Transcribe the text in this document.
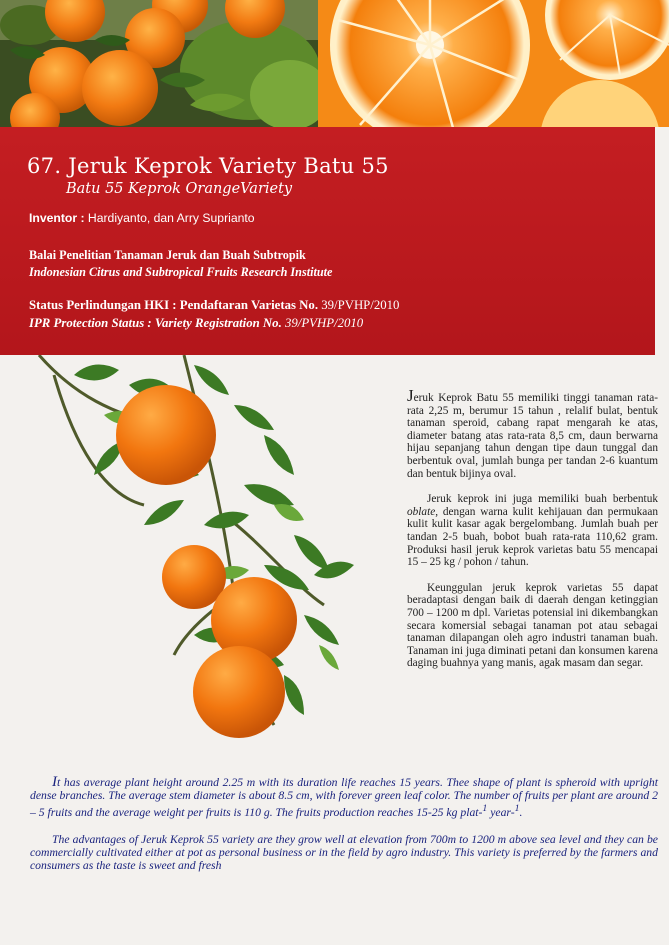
67. Jeruk Keprok Variety Batu 55
Batu 55 Keprok OrangeVariety
Inventor : Hardiyanto, dan Arry Suprianto
Balai Penelitian Tanaman Jeruk dan Buah Subtropik
Indonesian Citrus and Subtropical Fruits Research Institute
Status Perlindungan HKI : Pendaftaran Varietas No. 39/PVHP/2010
IPR Protection Status : Variety Registration No. 39/PVHP/2010

Jeruk Keprok Batu 55 memiliki tinggi tanaman rata-rata 2,25 m, berumur 15 tahun , relalif bulat, bentuk tanaman speroid, cabang rapat mengarah ke atas, diameter batang atas rata-rata 8,5 cm, daun berwarna hijau sepanjang tahun dengan tipe daun tunggal dan berbentuk oval, jumlah bunga per tandan 2-6 kuantum dan bentuk bijinya oval.

Jeruk keprok ini juga memiliki buah berbentuk oblate, dengan warna kulit kehijauan dan permukaan kulit kulit kasar agak bergelombang. Jumlah buah per tandan 2-5 buah, bobot buah rata-rata 110,62 gram. Produksi hasil jeruk keprok varietas batu 55 mencapai 15 – 25 kg / pohon / tahun.

Keunggulan jeruk keprok varietas 55 dapat beradaptasi dengan baik di daerah dengan ketinggian 700 – 1200 m dpl. Varietas potensial ini dikembangkan secara komersial sebagai tanaman pot atau sebagai tanaman dilapangan oleh agro industri tanaman buah. Tanaman ini juga diminati petani dan konsumen karena daging buahnya yang manis, agak masam dan segar.

It has average plant height around 2.25 m with its duration life reaches 15 years. Thee shape of plant is spheroid with upright dense branches. The average stem diameter is about 8.5 cm, with forever green leaf color. The number of fruits per plant are around 2 – 5 fruits and the average weight per fruits is 110 g. The fruits production reaches 15-25 kg plat-$^1$ year-$^1$.

The advantages of Jeruk Keprok 55 variety are they grow well at elevation from 700m to 1200 m above sea level and they can be commercially cultivated either at pot as personal business or in the field by agro industry. This variety is preferred by the farmers and consumers as the taste is sweet and fresh
